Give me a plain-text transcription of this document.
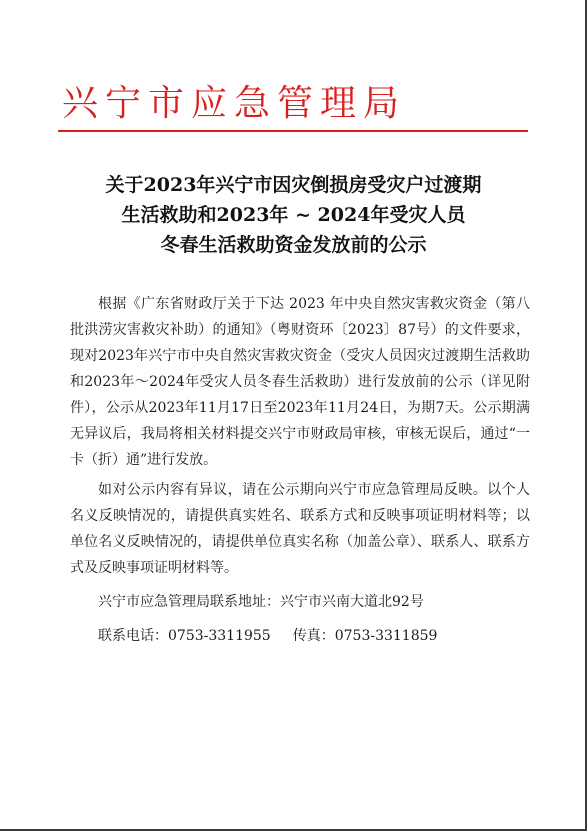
兴宁市应急管理局
关于2023年兴宁市因灾倒损房受灾户过渡期
生活救助和2023年 ~ 2024年受灾人员
冬春生活救助资金发放前的公示

根据《广东省财政厅关于下达 2023 年中央自然灾害救灾资金（第八批洪涝灾害救灾补助）的通知》（粤财资环〔2023〕87号）的文件要求，现对2023年兴宁市中央自然灾害救灾资金（受灾人员因灾过渡期生活救助和2023年～2024年受灾人员冬春生活救助）进行发放前的公示（详见附件），公示从2023年11月17日至2023年11月24日，为期7天。公示期满无异议后，我局将相关材料提交兴宁市财政局审核，审核无误后，通过“一卡（折）通”进行发放。

如对公示内容有异议，请在公示期向兴宁市应急管理局反映。以个人名义反映情况的，请提供真实姓名、联系方式和反映事项证明材料等；以单位名义反映情况的，请提供单位真实名称（加盖公章）、联系人、联系方式及反映事项证明材料等。

兴宁市应急管理局联系地址：兴宁市兴南大道北92号

联系电话：0753-3311955 传真：0753-3311859
